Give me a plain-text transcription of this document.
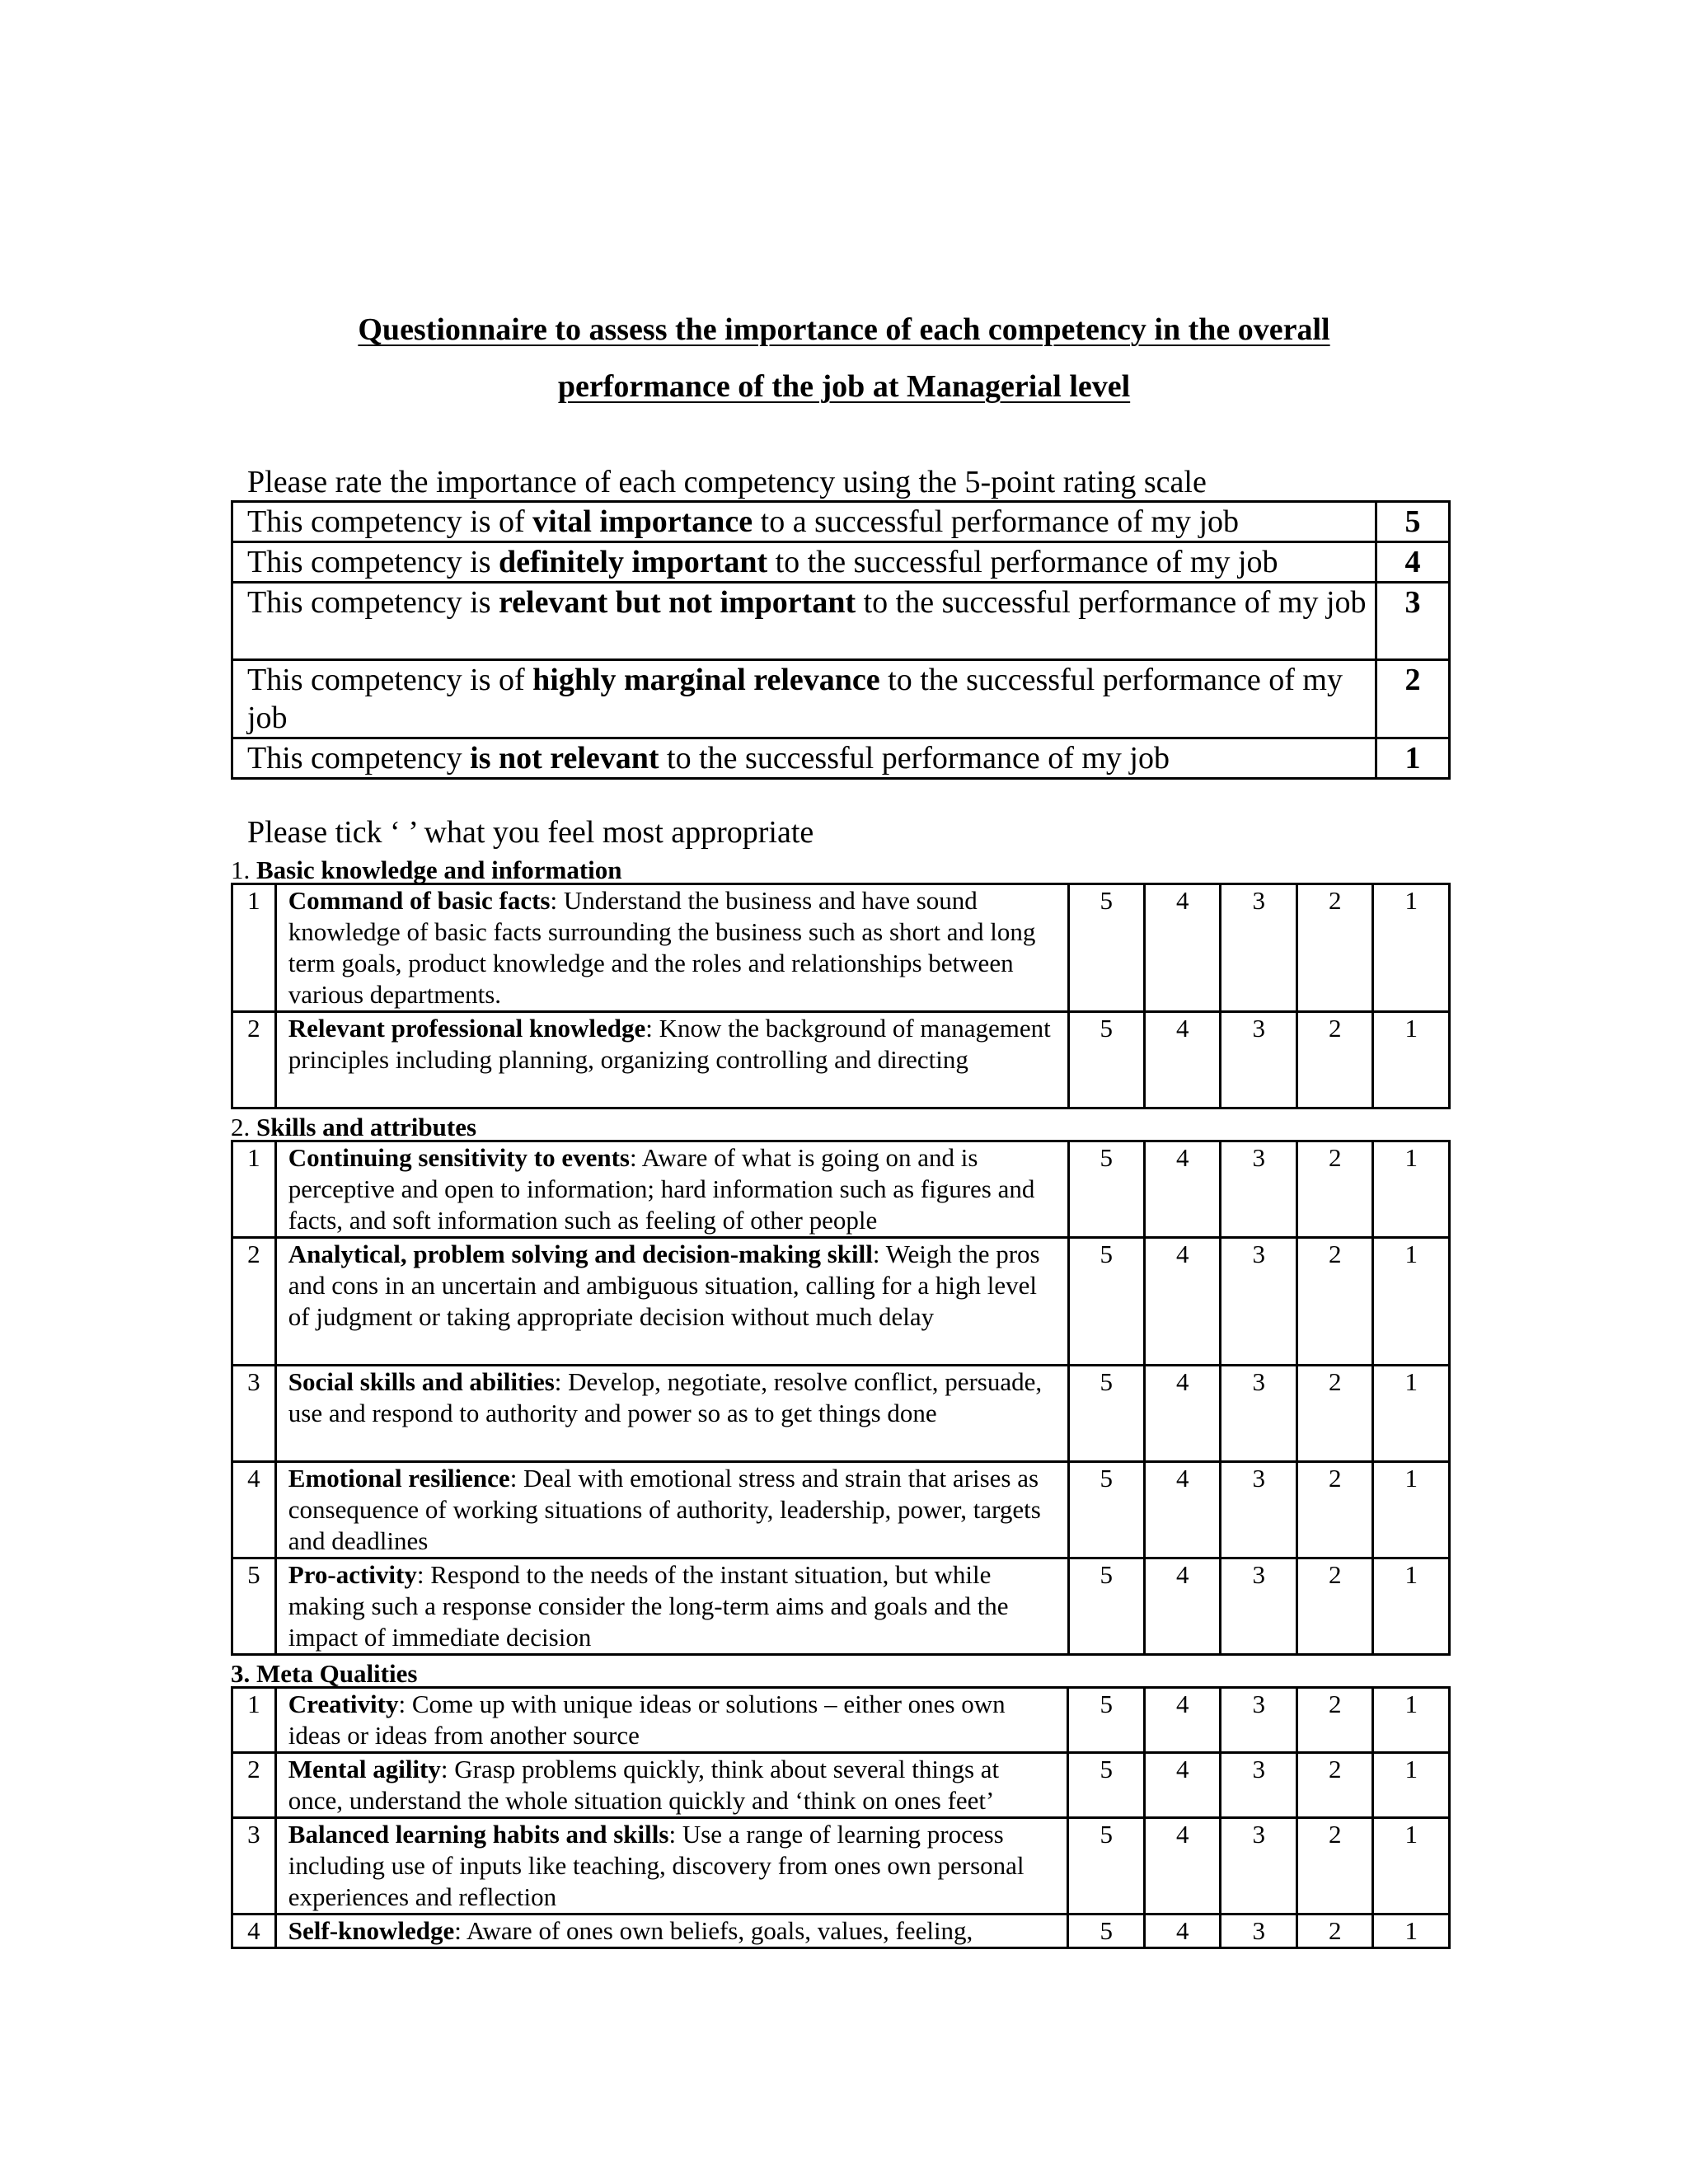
Questionnaire to assess the importance of each competency in the overall
performance of the job at Managerial level
Please rate the importance of each competency using the 5-point rating scale
This competency is of vital importance to a successful performance of my job	5
This competency is definitely important to the successful performance of my job	4
This competency is relevant but not important to the successful performance of my job	3
This competency is of highly marginal relevance to the successful performance of my job	2
This competency is not relevant to the successful performance of my job	1
Please tick ‘ ’ what you feel most appropriate
1. Basic knowledge and information
1	Command of basic facts: Understand the business and have sound knowledge of basic facts surrounding the business such as short and long term goals, product knowledge and the roles and relationships between various departments.	5	4	3	2	1
2	Relevant professional knowledge: Know the background of management principles including planning, organizing controlling and directing	5	4	3	2	1
2. Skills and attributes
1	Continuing sensitivity to events: Aware of what is going on and is perceptive and open to information; hard information such as figures and facts, and soft information such as feeling of other people	5	4	3	2	1
2	Analytical, problem solving and decision-making skill: Weigh the pros and cons in an uncertain and ambiguous situation, calling for a high level of judgment or taking appropriate decision without much delay	5	4	3	2	1
3	Social skills and abilities: Develop, negotiate, resolve conflict, persuade, use and respond to authority and power so as to get things done	5	4	3	2	1
4	Emotional resilience: Deal with emotional stress and strain that arises as consequence of working situations of authority, leadership, power, targets and deadlines	5	4	3	2	1
5	Pro-activity: Respond to the needs of the instant situation, but while making such a response consider the long-term aims and goals and the impact of immediate decision	5	4	3	2	1
3. Meta Qualities
1	Creativity: Come up with unique ideas or solutions – either ones own ideas or ideas from another source	5	4	3	2	1
2	Mental agility: Grasp problems quickly, think about several things at once, understand the whole situation quickly and ‘think on ones feet’	5	4	3	2	1
3	Balanced learning habits and skills: Use a range of learning process including use of inputs like teaching, discovery from ones own personal experiences and reflection	5	4	3	2	1
4	Self-knowledge: Aware of ones own beliefs, goals, values, feeling,	5	4	3	2	1
